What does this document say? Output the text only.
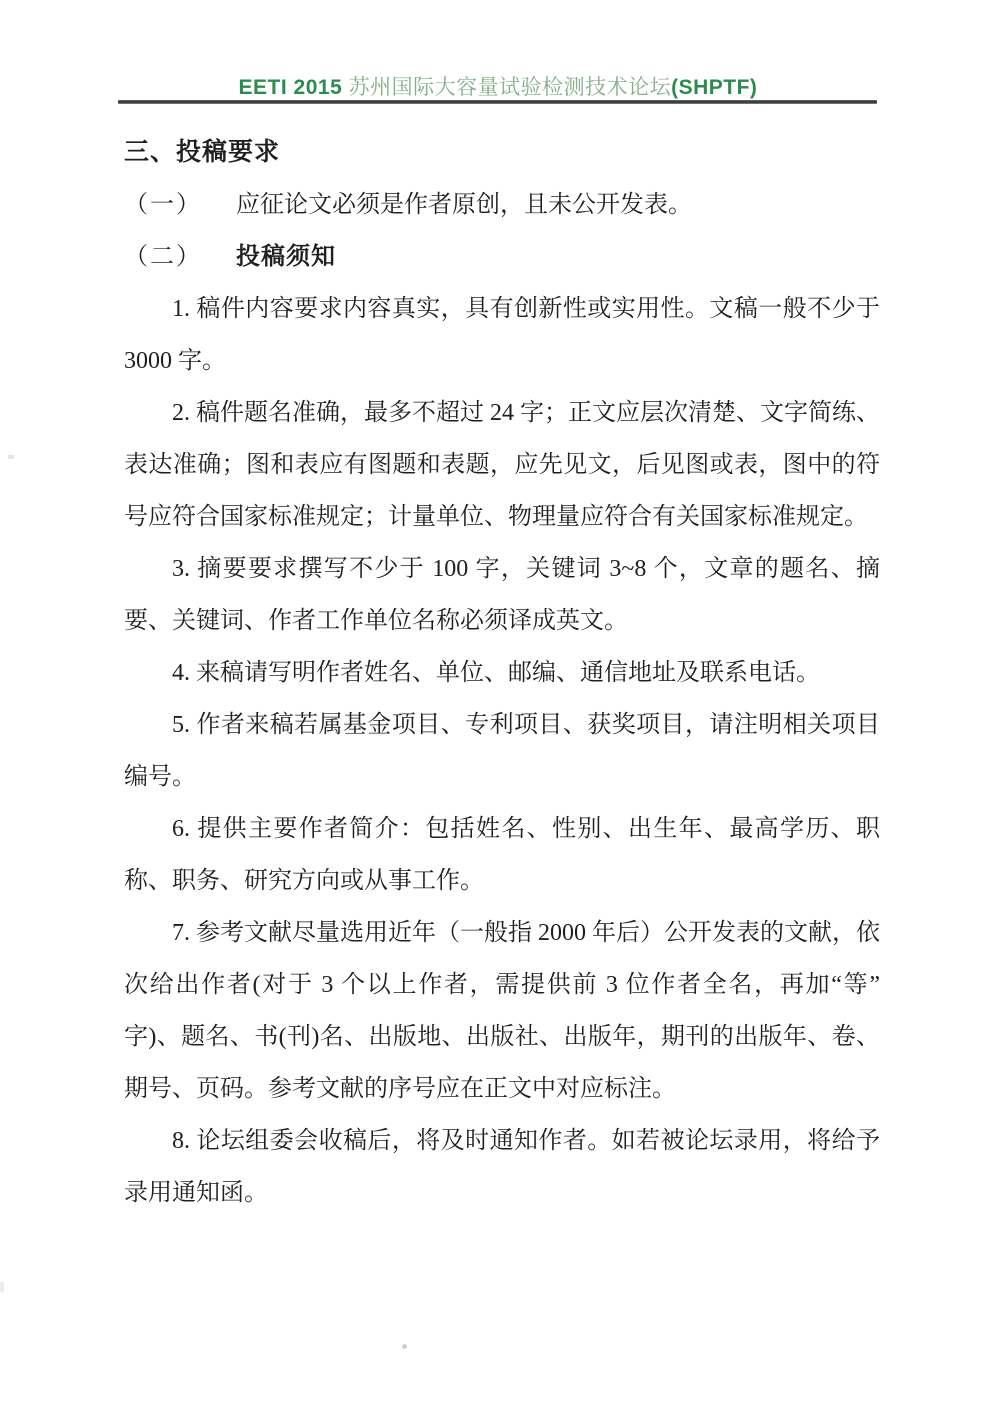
EETI 2015 苏州国际大容量试验检测技术论坛(SHPTF)

三、投稿要求

（一） 应征论文必须是作者原创，且未公开发表。

（二） 投稿须知

1. 稿件内容要求内容真实，具有创新性或实用性。文稿一般不少于 3000 字。

2. 稿件题名准确，最多不超过 24 字；正文应层次清楚、文字简练、表达准确；图和表应有图题和表题，应先见文，后见图或表，图中的符号应符合国家标准规定；计量单位、物理量应符合有关国家标准规定。

3. 摘要要求撰写不少于 100 字，关键词 3~8 个，文章的题名、摘要、关键词、作者工作单位名称必须译成英文。

4. 来稿请写明作者姓名、单位、邮编、通信地址及联系电话。

5. 作者来稿若属基金项目、专利项目、获奖项目，请注明相关项目编号。

6. 提供主要作者简介：包括姓名、性别、出生年、最高学历、职称、职务、研究方向或从事工作。

7. 参考文献尽量选用近年（一般指 2000 年后）公开发表的文献，依次给出作者(对于 3 个以上作者，需提供前 3 位作者全名，再加“等”字)、题名、书(刊)名、出版地、出版社、出版年，期刊的出版年、卷、期号、页码。参考文献的序号应在正文中对应标注。

8. 论坛组委会收稿后，将及时通知作者。如若被论坛录用，将给予录用通知函。
